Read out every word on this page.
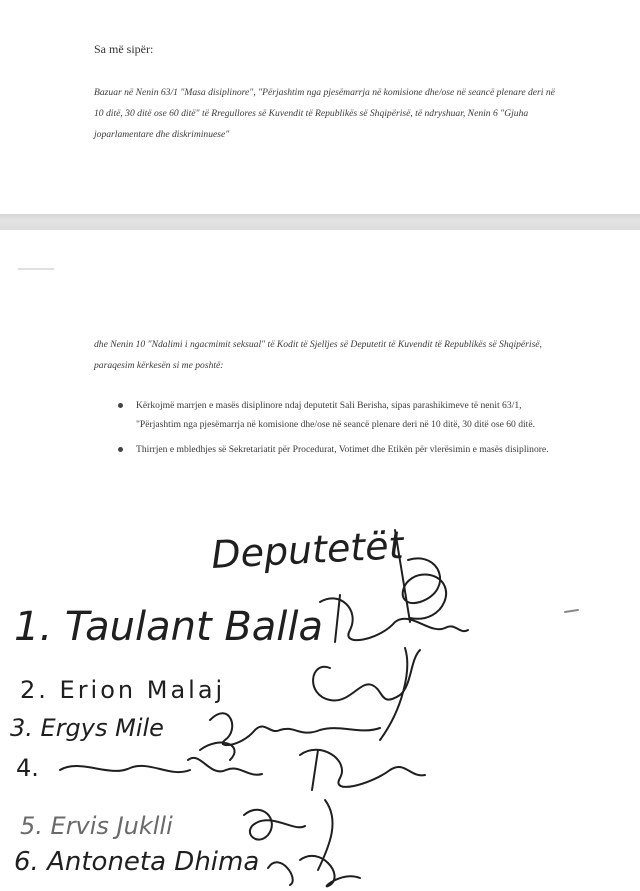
Sa më sipër:
Bazuar në Nenin 63/1 "Masa disiplinore", "Përjashtim nga pjesëmarrja në komisione dhe/ose në seancë plenare deri në 10 ditë, 30 ditë ose 60 ditë" të Rregullores së Kuvendit të Republikës së Shqipërisë, të ndryshuar, Nenin 6 "Gjuha joparlamentare dhe diskriminuese"
dhe Nenin 10 "Ndalimi i ngacmimit seksual" të Kodit të Sjelljes së Deputetit të Kuvendit të Republikës së Shqipërisë, paraqesim kërkesën si me poshtë:
Kërkojmë marrjen e masës disiplinore ndaj deputetit Sali Berisha, sipas parashikimeve të nenit 63/1, "Përjashtim nga pjesëmarrja në komisione dhe/ose në seancë plenare deri në 10 ditë, 30 ditë ose 60 ditë.
Thirrjen e mbledhjes së Sekretariatit për Procedurat, Votimet dhe Etikën për vlerësimin e masës disiplinore.
Deputetët
1. Taulant Balla
2. Erion Malaj
3. Ergys Mile
4.
5. Ervis Juklli
6. Antoneta Dhima
